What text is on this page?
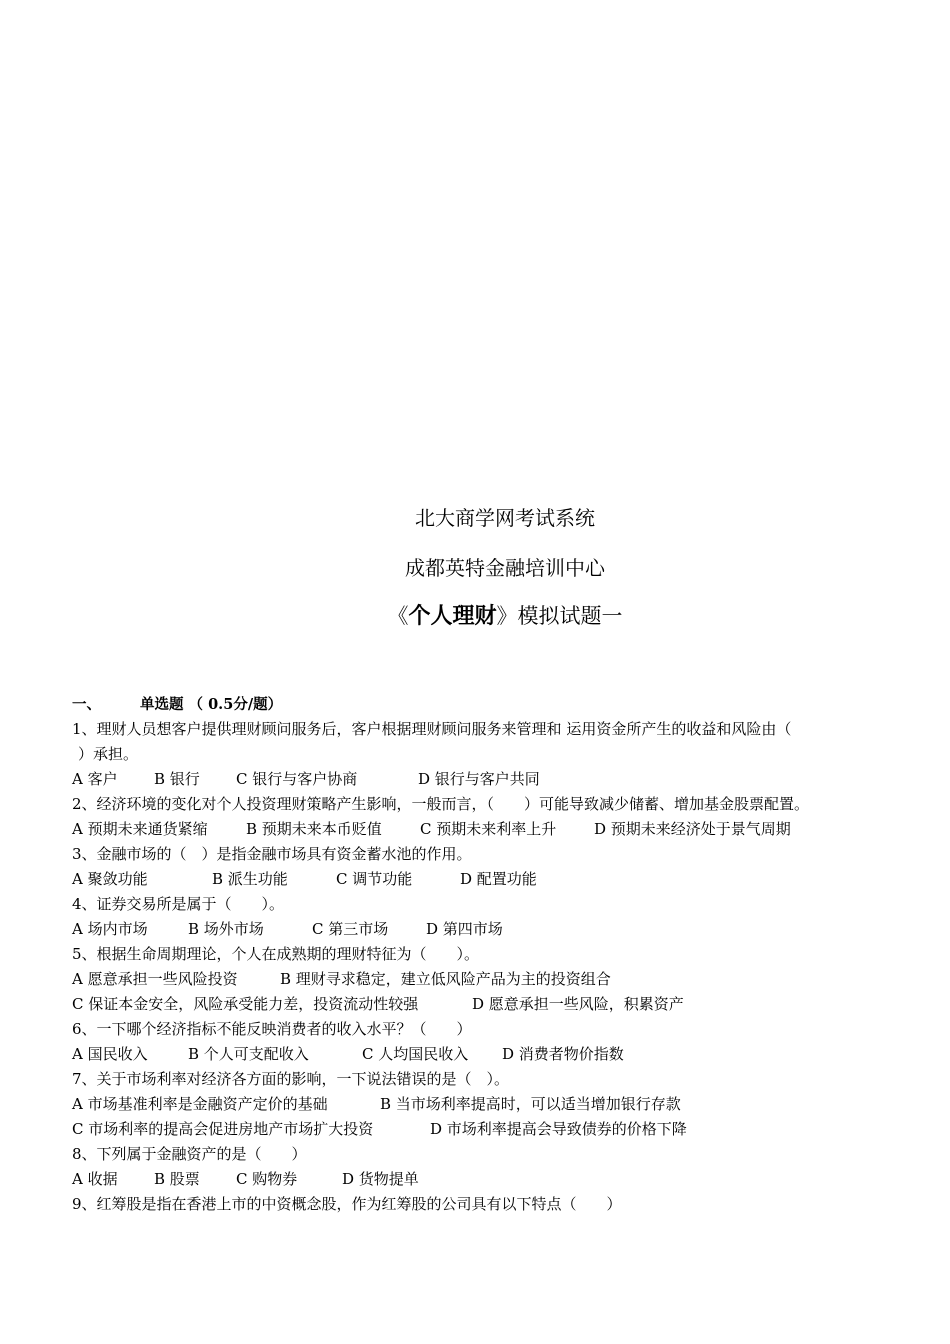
北大商学网考试系统
成都英特金融培训中心
《个人理财》模拟试题一
一、	单选题 （ 0.5分/题）
1、理财人员想客户提供理财顾问服务后，客户根据理财顾问服务来管理和 运用资金所产生的收益和风险由（
）承担。
A 客户 B 银行 C 银行与客户协商	D 银行与客户共同
2、经济环境的变化对个人投资理财策略产生影响，一般而言，（　　）可能导致减少储蓄、增加基金股票配置。
A 预期未来通货紧缩	B 预期未来本币贬值	C 预期未来利率上升	D 预期未来经济处于景气周期
3、金融市场的（　）是指金融市场具有资金蓄水池的作用。
A 聚敛功能	B 派生功能	C 调节功能	D 配置功能
4、证券交易所是属于（　　）。
A 场内市场	B 场外市场	C 第三市场	D 第四市场
5、根据生命周期理论，个人在成熟期的理财特征为（　　）。
A 愿意承担一些风险投资	B 理财寻求稳定，建立低风险产品为主的投资组合
C 保证本金安全，风险承受能力差，投资流动性较强	D 愿意承担一些风险，积累资产
6、一下哪个经济指标不能反映消费者的收入水平？（　　）
A 国民收入	B 个人可支配收入	C 人均国民收入 D 消费者物价指数
7、关于市场利率对经济各方面的影响，一下说法错误的是（　）。
A 市场基准利率是金融资产定价的基础	B 当市场利率提高时，可以适当增加银行存款
C 市场利率的提高会促进房地产市场扩大投资	D 市场利率提高会导致债券的价格下降
8、下列属于金融资产的是（　　）
A 收据 B 股票 C 购物券	D 货物提单
9、红筹股是指在香港上市的中资概念股，作为红筹股的公司具有以下特点（　　）
